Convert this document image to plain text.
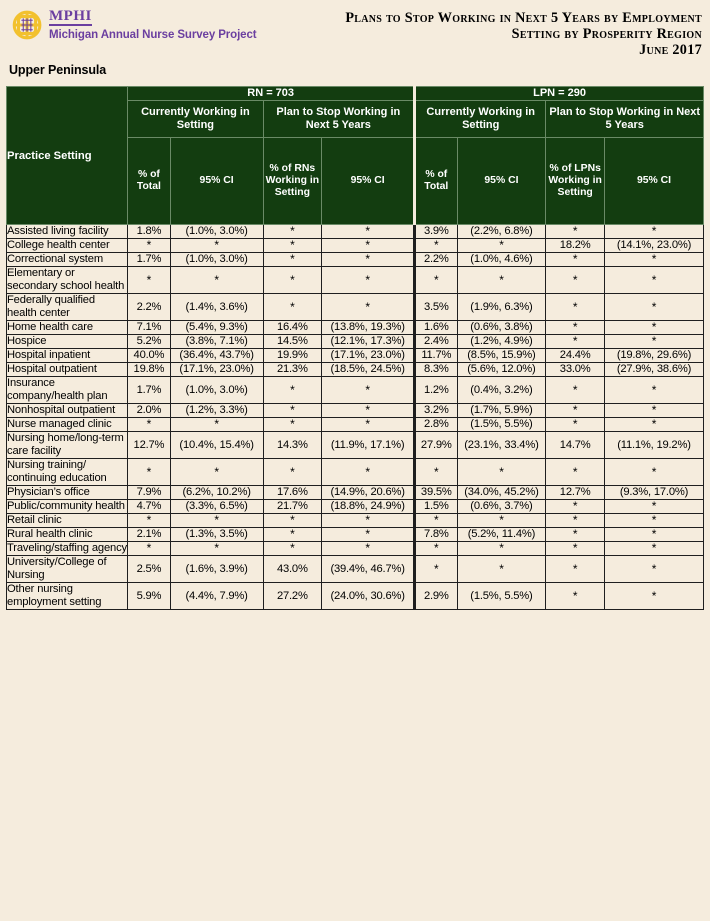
MPHI
Michigan Annual Nurse Survey Project
Plans to Stop Working in Next 5 Years by Employment
Setting by Prosperity Region
June 2017
Upper Peninsula
Practice Setting	RN = 703				LPN = 290			
	Currently Working in Setting		Plan to Stop Working in Next 5 Years		Currently Working in Setting		Plan to Stop Working in Next 5 Years	
	% of Total	95% CI	% of RNs Working in Setting	95% CI	% of Total	95% CI	% of LPNs Working in Setting	95% CI
Assisted living facility	1.8%	(1.0%, 3.0%)	*	*	3.9%	(2.2%, 6.8%)	*	*
College health center	*	*	*	*	*	*	18.2%	(14.1%, 23.0%)
Correctional system	1.7%	(1.0%, 3.0%)	*	*	2.2%	(1.0%, 4.6%)	*	*
Elementary or secondary school health	*	*	*	*	*	*	*	*
Federally qualified health center	2.2%	(1.4%, 3.6%)	*	*	3.5%	(1.9%, 6.3%)	*	*
Home health care	7.1%	(5.4%, 9.3%)	16.4%	(13.8%, 19.3%)	1.6%	(0.6%, 3.8%)	*	*
Hospice	5.2%	(3.8%, 7.1%)	14.5%	(12.1%, 17.3%)	2.4%	(1.2%, 4.9%)	*	*
Hospital inpatient	40.0%	(36.4%, 43.7%)	19.9%	(17.1%, 23.0%)	11.7%	(8.5%, 15.9%)	24.4%	(19.8%, 29.6%)
Hospital outpatient	19.8%	(17.1%, 23.0%)	21.3%	(18.5%, 24.5%)	8.3%	(5.6%, 12.0%)	33.0%	(27.9%, 38.6%)
Insurance company/health plan	1.7%	(1.0%, 3.0%)	*	*	1.2%	(0.4%, 3.2%)	*	*
Nonhospital outpatient	2.0%	(1.2%, 3.3%)	*	*	3.2%	(1.7%, 5.9%)	*	*
Nurse managed clinic	*	*	*	*	2.8%	(1.5%, 5.5%)	*	*
Nursing home/long-term care facility	12.7%	(10.4%, 15.4%)	14.3%	(11.9%, 17.1%)	27.9%	(23.1%, 33.4%)	14.7%	(11.1%, 19.2%)
Nursing training/ continuing education	*	*	*	*	*	*	*	*
Physician’s office	7.9%	(6.2%, 10.2%)	17.6%	(14.9%, 20.6%)	39.5%	(34.0%, 45.2%)	12.7%	(9.3%, 17.0%)
Public/community health	4.7%	(3.3%, 6.5%)	21.7%	(18.8%, 24.9%)	1.5%	(0.6%, 3.7%)	*	*
Retail clinic	*	*	*	*	*	*	*	*
Rural health clinic	2.1%	(1.3%, 3.5%)	*	*	7.8%	(5.2%, 11.4%)	*	*
Traveling/staffing agency	*	*	*	*	*	*	*	*
University/College of Nursing	2.5%	(1.6%, 3.9%)	43.0%	(39.4%, 46.7%)	*	*	*	*
Other nursing employment setting	5.9%	(4.4%, 7.9%)	27.2%	(24.0%, 30.6%)	2.9%	(1.5%, 5.5%)	*	*
